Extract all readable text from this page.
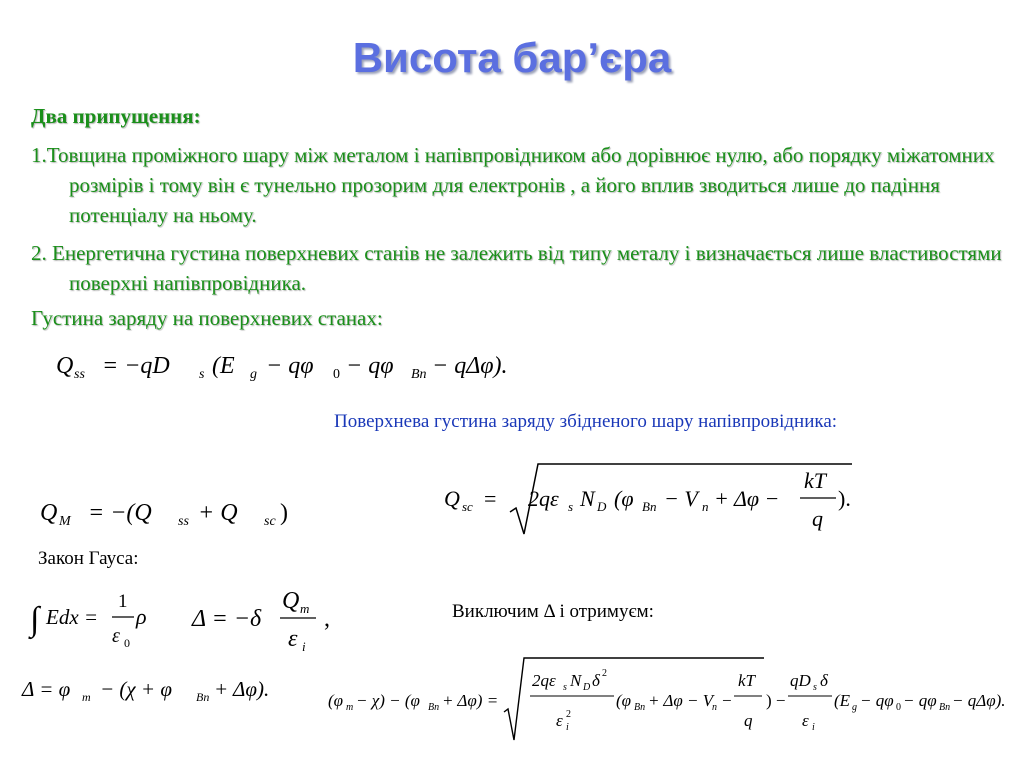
Висота бар’єра
Два припущення:
1.Товщина проміжного шару між металом і напівпровідником або дорівнює нулю, або порядку міжатомних розмірів і тому він є тунельно прозорим для електронів , а його вплив зводиться лише до падіння потенціалу на ньому.
2. Енергетична густина поверхневих станів не залежить від типу металу і визначається лише властивостями поверхні напівпровідника.
Густина заряду на поверхневих станах:
Q ss = −qD s (E g − qφ 0 − qφ Bn − qΔφ).
Поверхнева густина заряду збідненого шару напівпровідника:
Q M = −(Q ss + Q sc )
Q sc = 2qε s N D (φ Bn − V n + Δφ −
kT
q
).
Закон Гауса:
∫ Edx =
1
ε 0
ρ Δ = −δ
Q m
ε i
,	Виключим Δ і отримуєм:
Δ = φ m − (χ + φ Bn + Δφ).	(φ m − χ) − (φ Bn + Δφ) =
2qε s N D δ 2
ε i
2
(φ Bn + Δφ − V
n −
kT
q
) −
qD s δ
ε i
(E g − qφ 0 − qφ Bn − qΔφ).
